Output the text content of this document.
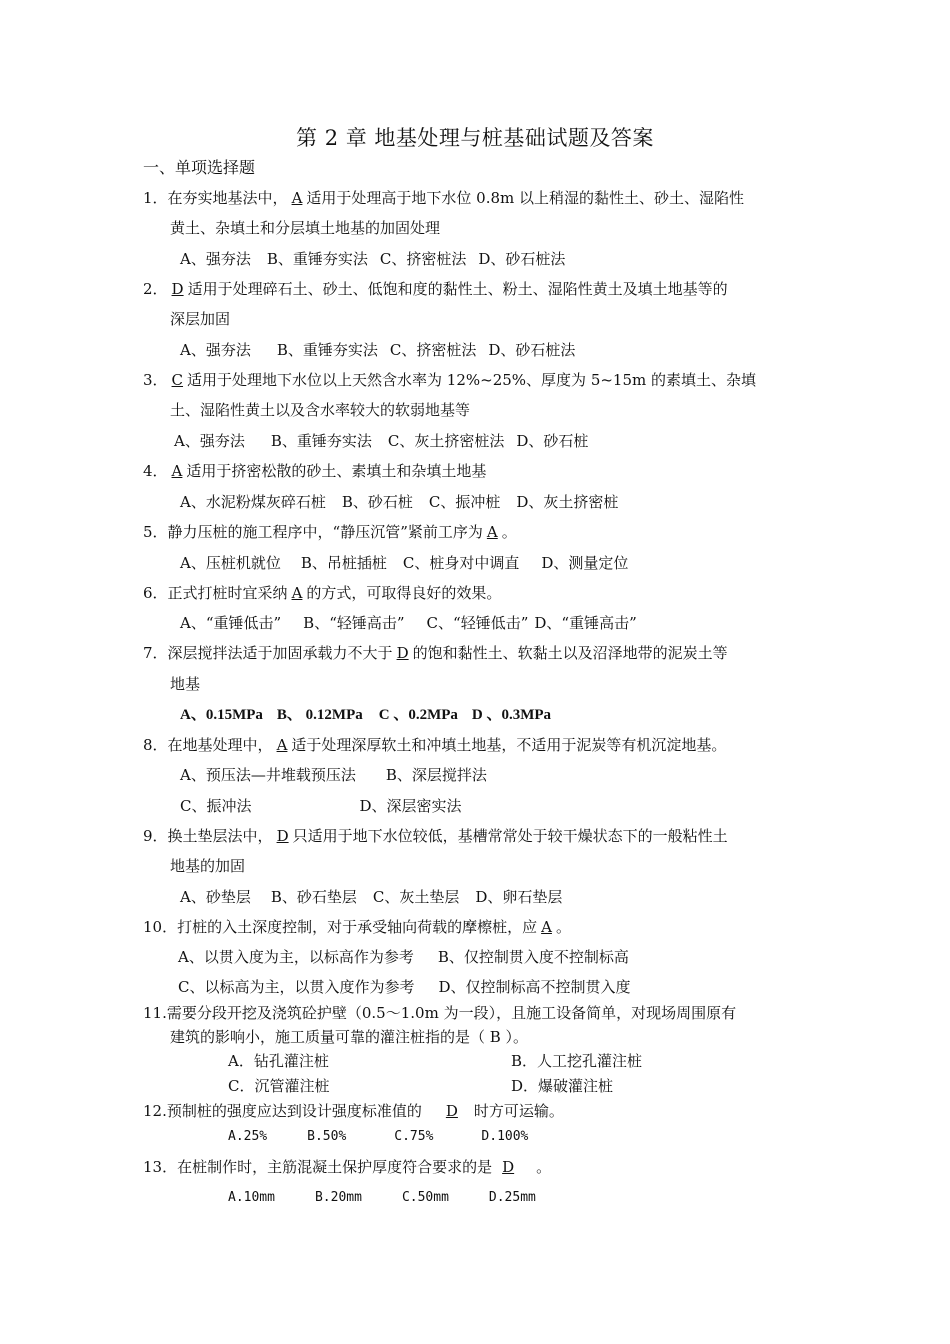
第 2 章 地基处理与桩基础试题及答案
一、单项选择题
1．在夯实地基法中， A 适用于处理高于地下水位 0.8m 以上稍湿的黏性土、砂土、湿陷性
黄土、杂填土和分层填土地基的加固处理
A、强夯法 B、重锤夯实法 C、挤密桩法 D、砂石桩法
2． D 适用于处理碎石土、砂土、低饱和度的黏性土、粉土、湿陷性黄土及填土地基等的
深层加固
A、强夯法 B、重锤夯实法 C、挤密桩法 D、砂石桩法
3． C 适用于处理地下水位以上天然含水率为 12%~25%、厚度为 5~15m 的素填土、杂填
土、湿陷性黄土以及含水率较大的软弱地基等
A、强夯法 B、重锤夯实法 C、灰土挤密桩法 D、砂石桩
4． A 适用于挤密松散的砂土、素填土和杂填土地基
A、水泥粉煤灰碎石桩 B、砂石桩 C、振冲桩 D、灰土挤密桩
5．静力压桩的施工程序中，“静压沉管”紧前工序为 A 。
A、压桩机就位 B、吊桩插桩 C、桩身对中调直 D、测量定位
6．正式打桩时宜采纳 A 的方式，可取得良好的效果。
A、“重锤低击” B、“轻锤高击” C、“轻锤低击” D、“重锤高击”
7．深层搅拌法适于加固承载力不大于 D 的饱和黏性土、软黏土以及沼泽地带的泥炭土等
地基
A、0.15MPa B、 0.12MPa C 、0.2MPa D 、0.3MPa
8．在地基处理中， A 适于处理深厚软土和冲填土地基，不适用于泥炭等有机沉淀地基。
A、预压法—井堆载预压法 B、深层搅拌法
C、振冲法	D、深层密实法
9．换土垫层法中， D 只适用于地下水位较低，基槽常常处于较干燥状态下的一般粘性土
地基的加固
A、砂垫层 B、砂石垫层 C、灰土垫层 D、卵石垫层
10．打桩的入土深度控制，对于承受轴向荷载的摩檫桩，应 A 。
A、以贯入度为主，以标高作为参考 B、仅控制贯入度不控制标高
C、以标高为主，以贯入度作为参考 D、仅控制标高不控制贯入度
11.需要分段开挖及浇筑砼护壁（0.5～1.0m 为一段），且施工设备简单，对现场周围原有
建筑的影响小，施工质量可靠的灌注桩指的是（ B ）。
A．钻孔灌注桩	B．人工挖孔灌注桩
C．沉管灌注桩	D．爆破灌注桩
12.预制桩的强度应达到设计强度标准值的 D 时方可运输。
A.25%	B.50%	C.75%	D.100%
13．在桩制作时，主筋混凝土保护厚度符合要求的是 D 。
A.10mm	B.20mm	C.50mm	D.25mm
